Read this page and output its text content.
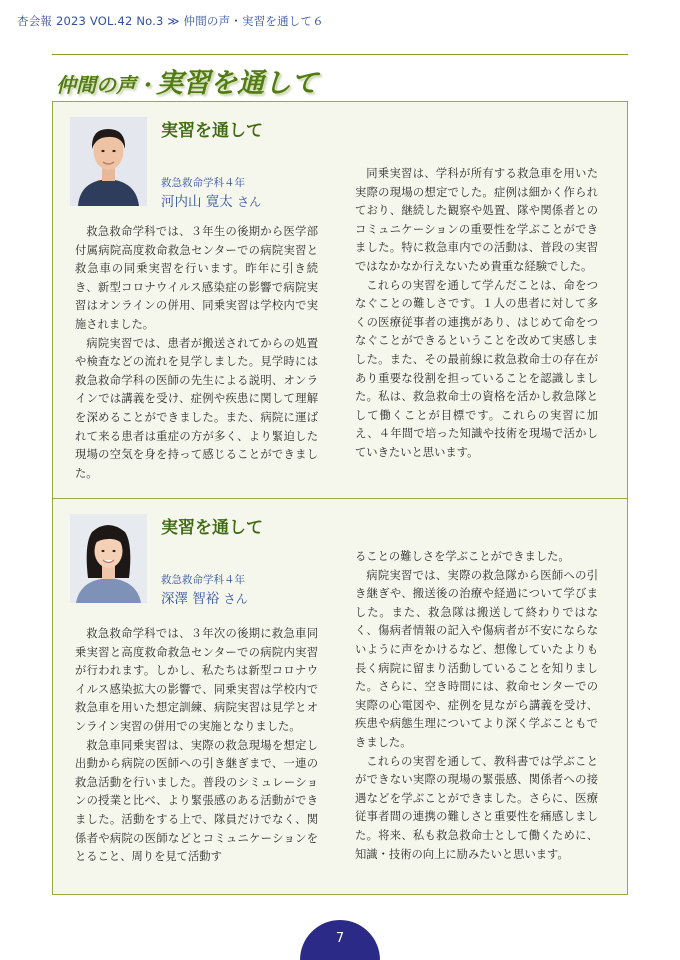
杏会報 2023 VOL.42 No.3 ≫ 仲間の声・実習を通して６
仲間の声・実習を通して
実習を通して
救急救命学科４年
河内山 寛太 さん

救急救命学科では、３年生の後期から医学部付属病院高度救命救急センターでの病院実習と救急車の同乗実習を行います。昨年に引き続き、新型コロナウイルス感染症の影響で病院実習はオンラインの併用、同乗実習は学校内で実施されました。

病院実習では、患者が搬送されてからの処置や検査などの流れを見学しました。見学時には救急救命学科の医師の先生による説明、オンラインでは講義を受け、症例や疾患に関して理解を深めることができました。また、病院に運ばれて来る患者は重症の方が多く、より緊迫した現場の空気を身を持って感じることができました。

同乗実習は、学科が所有する救急車を用いた実際の現場の想定でした。症例は細かく作られており、継続した観察や処置、隊や関係者とのコミュニケーションの重要性を学ぶことができました。特に救急車内での活動は、普段の実習ではなかなか行えないため貴重な経験でした。

これらの実習を通して学んだことは、命をつなぐことの難しさです。１人の患者に対して多くの医療従事者の連携があり、はじめて命をつなぐことができるということを改めて実感しました。また、その最前線に救急救命士の存在があり重要な役割を担っていることを認識しました。私は、救急救命士の資格を活かし救急隊として働くことが目標です。これらの実習に加え、４年間で培った知識や技術を現場で活かしていきたいと思います。

実習を通して
救急救命学科４年
深澤 智裕 さん

救急救命学科では、３年次の後期に救急車同乗実習と高度救命救急センターでの病院内実習が行われます。しかし、私たちは新型コロナウイルス感染拡大の影響で、同乗実習は学校内で救急車を用いた想定訓練、病院実習は見学とオンライン実習の併用での実施となりました。

救急車同乗実習は、実際の救急現場を想定し出動から病院の医師への引き継ぎまで、一連の救急活動を行いました。普段のシミュレーションの授業と比べ、より緊張感のある活動ができました。活動をする上で、隊員だけでなく、関係者や病院の医師などとコミュニケーションをとること、周りを見て活動す

ることの難しさを学ぶことができました。

病院実習では、実際の救急隊から医師への引き継ぎや、搬送後の治療や経過について学びました。また、救急隊は搬送して終わりではなく、傷病者情報の記入や傷病者が不安にならないように声をかけるなど、想像していたよりも長く病院に留まり活動していることを知りました。さらに、空き時間には、救命センターでの実際の心電図や、症例を見ながら講義を受け、疾患や病態生理についてより深く学ぶこともできました。

これらの実習を通して、教科書では学ぶことができない実際の現場の緊張感、関係者への接遇などを学ぶことができました。さらに、医療従事者間の連携の難しさと重要性を痛感しました。将来、私も救急救命士として働くために、知識・技術の向上に励みたいと思います。

7
